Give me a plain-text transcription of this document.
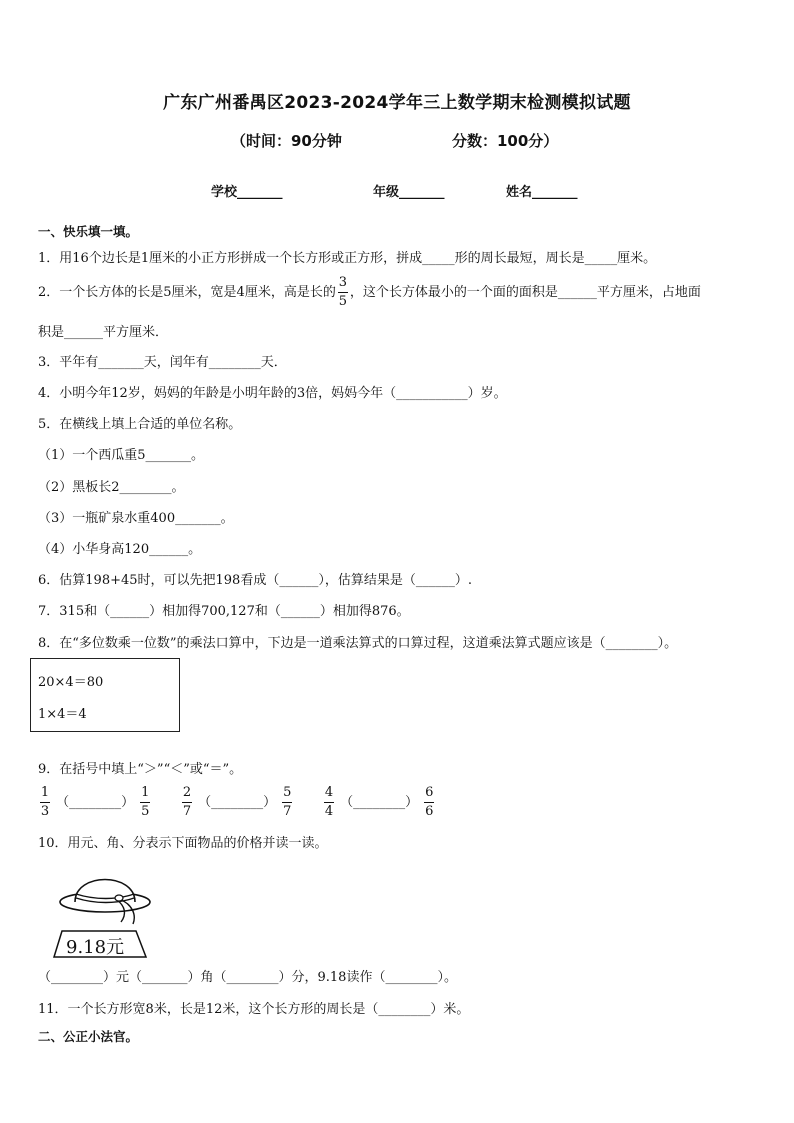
广东广州番禺区2023-2024学年三上数学期末检测模拟试题
（时间：90分钟	分数：100分）
学校_______	年级_______	姓名_______
一、快乐填一填。
1．用16个边长是1厘米的小正方形拼成一个长方形或正方形，拼成_____形的周长最短，周长是_____厘米。
2．一个长方体的长是5厘米，宽是4厘米，高是长的 $\frac{3}{5}$ ，这个长方体最小的一个面的面积是______平方厘米，占地面
积是______平方厘米．
3．平年有_______天，闰年有________天．
4．小明今年12岁，妈妈的年龄是小明年龄的3倍，妈妈今年（___________）岁。
5．在横线上填上合适的单位名称。
（1）一个西瓜重5_______。
（2）黑板长2________。
（3）一瓶矿泉水重400_______。
（4）小华身高120______。
6．估算198+45时，可以先把198看成（______），估算结果是（______）.
7．315和（______）相加得700,127和（______）相加得876。
8．在“多位数乘一位数”的乘法口算中，下边是一道乘法算式的口算过程，这道乘法算式题应该是（________）。
20×4＝80
1×4＝4
9．在括号中填上“＞”“＜”或“＝”。
$\frac{1}{3}$ （________） $\frac{1}{5} \frac{2}{7}$ （________） $\frac{5}{7} \frac{4}{4}$ （________） $\frac{6}{6}$
10．用元、角、分表示下面物品的价格并读一读。
9.18元
（________）元（_______）角（________）分，9.18读作（________）。
11．一个长方形宽8米，长是12米，这个长方形的周长是（________）米。
二、公正小法官。
